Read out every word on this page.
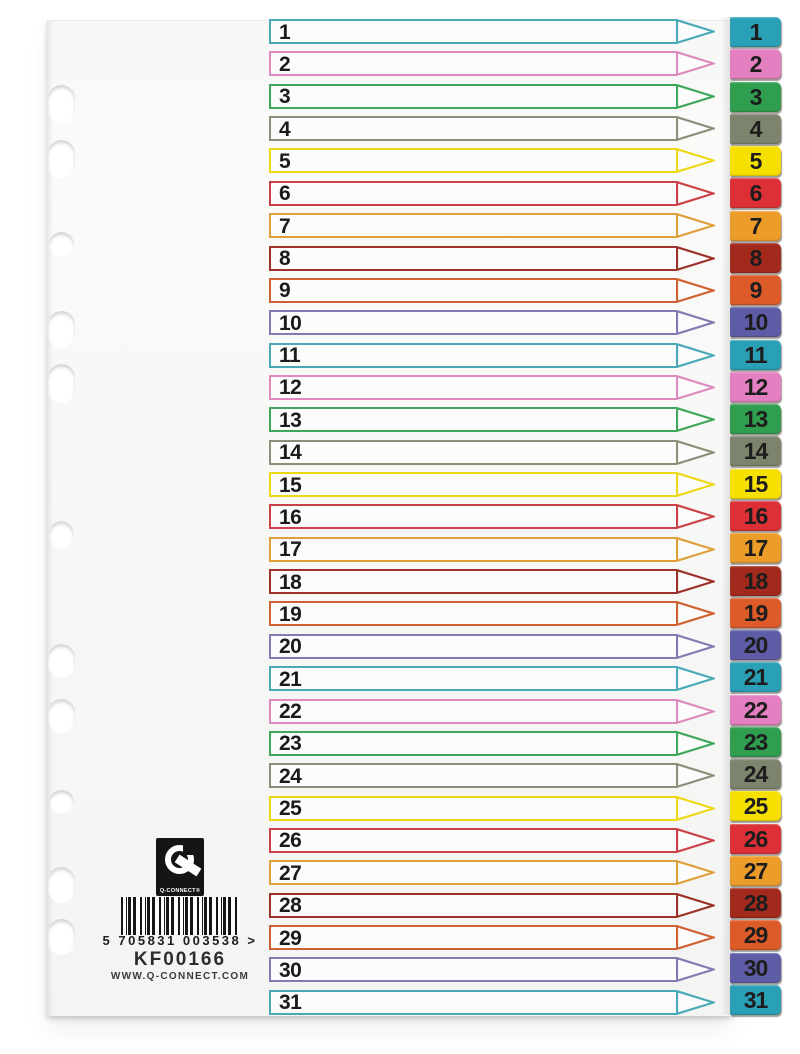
1
2
3
4
5
6
7
8
9
10
11
12
13
14
15
16
17
18
19
20
21
22
23
24
25
26
27
28
29
30
31
1
2
3
4
5
6
7
8
9
10
11
12
13
14
15
16
17
18
19
20
21
22
23
24
25
26
27
28
29
30
31
Q-CONNECT®
5 705831 003538 >
KF00166
WWW.Q-CONNECT.COM
